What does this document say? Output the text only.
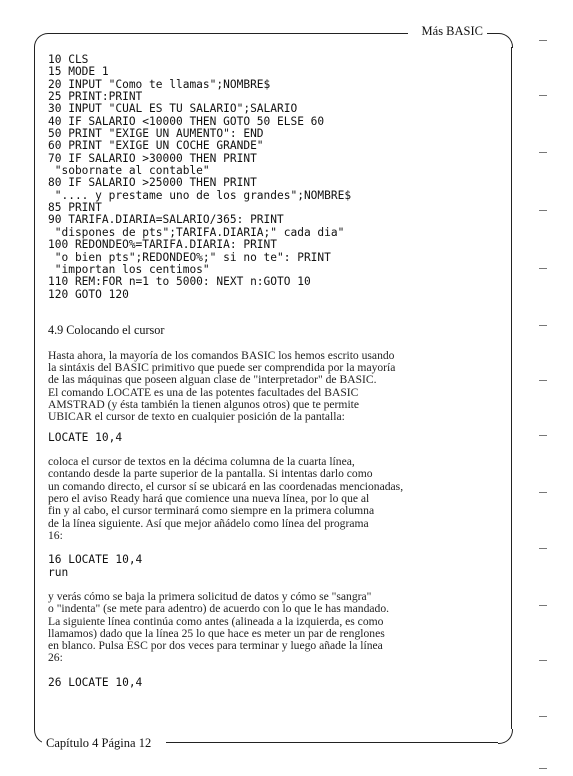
Más BASIC
Capítulo 4 Página 12
10 CLS
15 MODE 1
20 INPUT "Como te llamas";NOMBRE$
25 PRINT:PRINT
30 INPUT "CUAL ES TU SALARIO";SALARIO
40 IF SALARIO <10000 THEN GOTO 50 ELSE 60
50 PRINT "EXIGE UN AUMENTO": END
60 PRINT "EXIGE UN COCHE GRANDE"
70 IF SALARIO >30000 THEN PRINT
"sobornate al contable"
80 IF SALARIO >25000 THEN PRINT
".... y prestame uno de los grandes";NOMBRE$
85 PRINT
90 TARIFA.DIARIA=SALARIO/365: PRINT
"dispones de pts";TARIFA.DIARIA;" cada dia"
100 REDONDEO%=TARIFA.DIARIA: PRINT
"o bien pts";REDONDEO%;" si no te": PRINT
"importan los centimos"
110 REM:FOR n=1 to 5000: NEXT n:GOTO 10
120 GOTO 120
4.9 Colocando el cursor
Hasta ahora, la mayoría de los comandos BASIC los hemos escrito usando
la sintáxis del BASIC primitivo que puede ser comprendida por la mayoría
de las máquinas que poseen alguan clase de "interpretador" de BASIC.
El comando LOCATE es una de las potentes facultades del BASIC
AMSTRAD (y ésta también la tienen algunos otros) que te permite
UBICAR el cursor de texto en cualquier posición de la pantalla:
LOCATE 10,4
coloca el cursor de textos en la décima columna de la cuarta línea,
contando desde la parte superior de la pantalla. Si intentas darlo como
un comando directo, el cursor sí se ubicará en las coordenadas mencionadas,
pero el aviso Ready hará que comience una nueva línea, por lo que al
fin y al cabo, el cursor terminará como siempre en la primera columna
de la línea siguiente. Así que mejor añádelo como línea del programa
16:
16 LOCATE 10,4
run
y verás cómo se baja la primera solicitud de datos y cómo se "sangra"
o "indenta" (se mete para adentro) de acuerdo con lo que le has mandado.
La siguiente línea continúa como antes (alineada a la izquierda, es como
llamamos) dado que la línea 25 lo que hace es meter un par de renglones
en blanco. Pulsa ESC por dos veces para terminar y luego añade la línea
26:
26 LOCATE 10,4
